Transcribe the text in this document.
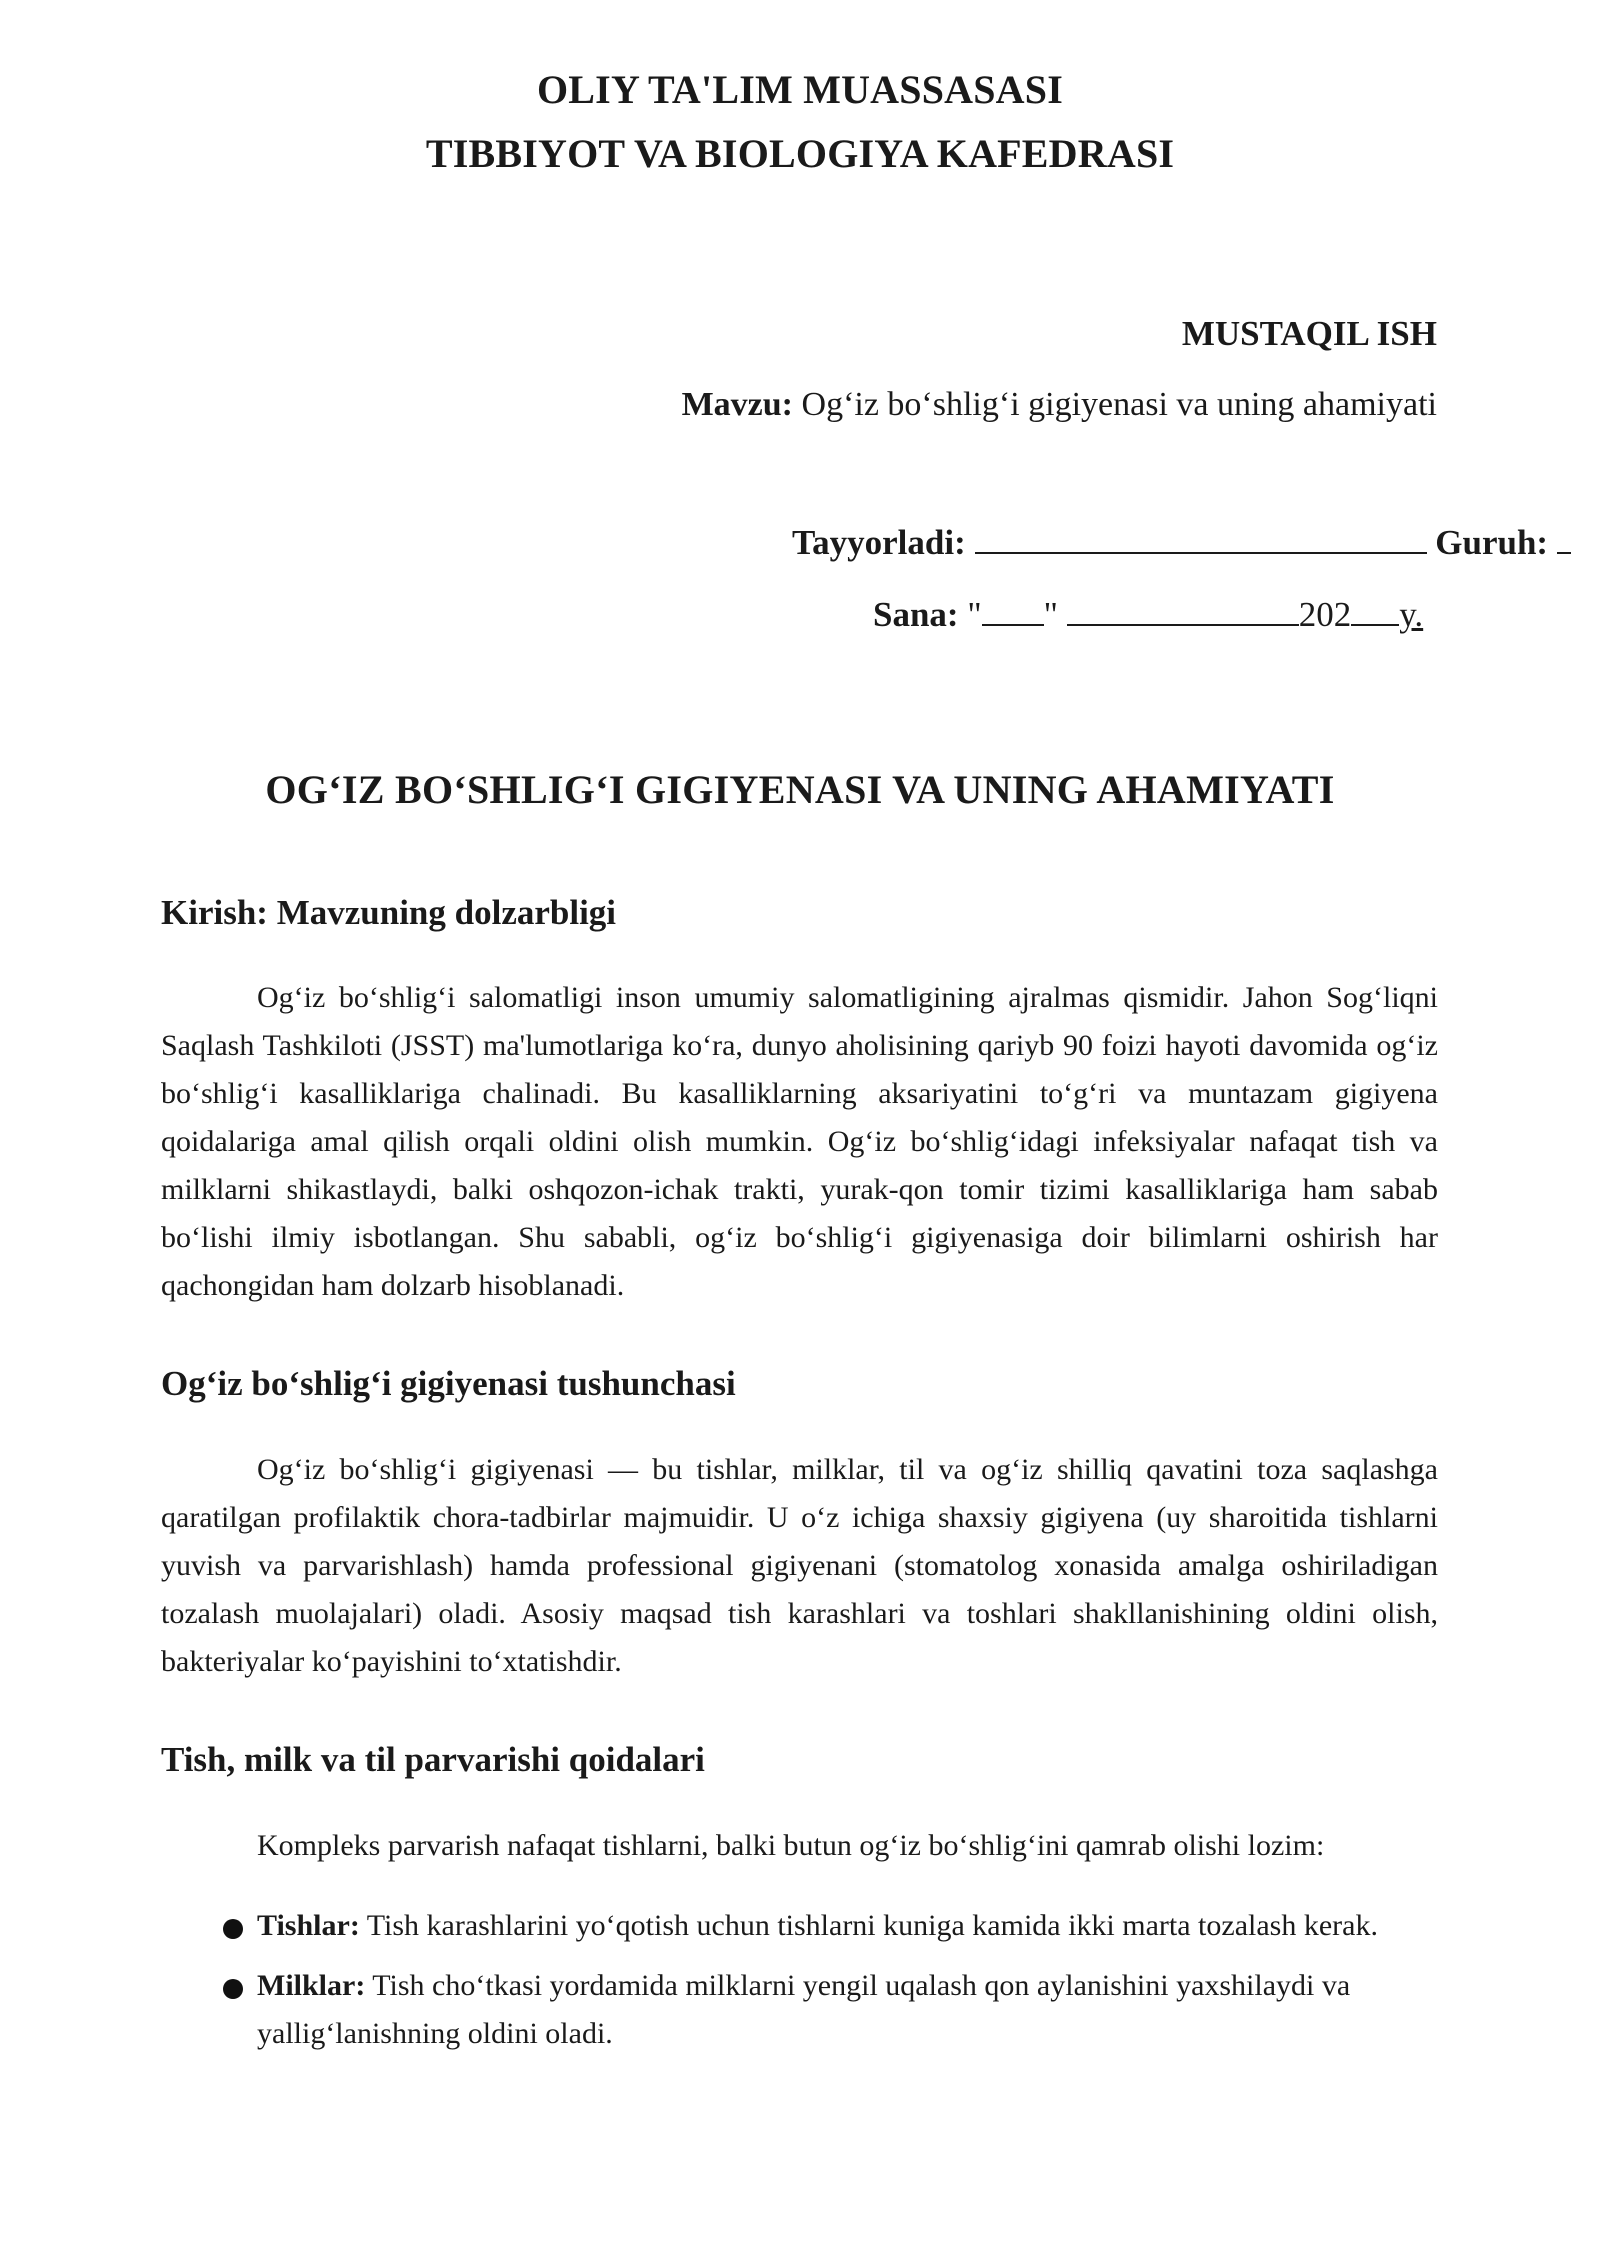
OLIY TA'LIM MUASSASASI
TIBBIYOT VA BIOLOGIYA KAFEDRASI
MUSTAQIL ISH
Mavzu: Og‘iz bo‘shlig‘i gigiyenasi va uning ahamiyati
Tayyorladi:	Guruh:
Sana: " "	202 y.
OG‘IZ BO‘SHLIG‘I GIGIYENASI VA UNING AHAMIYATI
Kirish: Mavzuning dolzarbligi
Og‘iz bo‘shlig‘i salomatligi inson umumiy salomatligining ajralmas qismidir. Jahon Sog‘liqni Saqlash Tashkiloti (JSST) ma'lumotlariga ko‘ra, dunyo aholisining qariyb 90 foizi hayoti davomida og‘iz bo‘shlig‘i kasalliklariga chalinadi. Bu kasalliklarning aksariyatini to‘g‘ri va muntazam gigiyena qoidalariga amal qilish orqali oldini olish mumkin. Og‘iz bo‘shlig‘idagi infeksiyalar nafaqat tish va milklarni shikastlaydi, balki oshqozon-ichak trakti, yurak-qon tomir tizimi kasalliklariga ham sabab bo‘lishi ilmiy isbotlangan. Shu sababli, og‘iz bo‘shlig‘i gigiyenasiga doir bilimlarni oshirish har qachongidan ham dolzarb hisoblanadi.
Og‘iz bo‘shlig‘i gigiyenasi tushunchasi
Og‘iz bo‘shlig‘i gigiyenasi — bu tishlar, milklar, til va og‘iz shilliq qavatini toza saqlashga qaratilgan profilaktik chora-tadbirlar majmuidir. U o‘z ichiga shaxsiy gigiyena (uy sharoitida tishlarni yuvish va parvarishlash) hamda professional gigiyenani (stomatolog xonasida amalga oshiriladigan tozalash muolajalari) oladi. Asosiy maqsad tish karashlari va toshlari shakllanishining oldini olish, bakteriyalar ko‘payishini to‘xtatishdir.
Tish, milk va til parvarishi qoidalari
Kompleks parvarish nafaqat tishlarni, balki butun og‘iz bo‘shlig‘ini qamrab olishi lozim:
Tishlar: Tish karashlarini yo‘qotish uchun tishlarni kuniga kamida ikki marta tozalash kerak.
Milklar: Tish cho‘tkasi yordamida milklarni yengil uqalash qon aylanishini yaxshilaydi va yallig‘lanishning oldini oladi.
